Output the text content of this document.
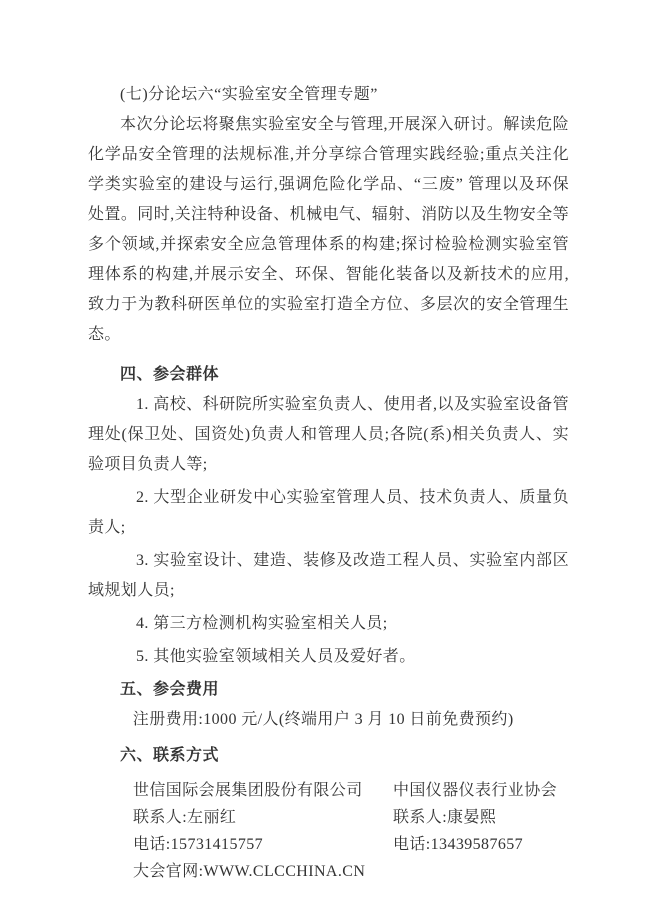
(七)分论坛六“实验室安全管理专题”

本次分论坛将聚焦实验室安全与管理,开展深入研讨。解读危险化学品安全管理的法规标准,并分享综合管理实践经验;重点关注化学类实验室的建设与运行,强调危险化学品、“三废” 管理以及环保处置。同时,关注特种设备、机械电气、辐射、消防以及生物安全等多个领域,并探索安全应急管理体系的构建;探讨检验检测实验室管理体系的构建,并展示安全、环保、智能化装备以及新技术的应用,致力于为教科研医单位的实验室打造全方位、多层次的安全管理生态。

四、参会群体

1. 高校、科研院所实验室负责人、使用者,以及实验室设备管理处(保卫处、国资处)负责人和管理人员;各院(系)相关负责人、实验项目负责人等;

2. 大型企业研发中心实验室管理人员、技术负责人、质量负责人;

3. 实验室设计、建造、装修及改造工程人员、实验室内部区域规划人员;

4. 第三方检测机构实验室相关人员;

5. 其他实验室领域相关人员及爱好者。

五、参会费用

注册费用:1000 元/人(终端用户 3 月 10 日前免费预约)

六、联系方式

世信国际会展集团股份有限公司

联系人:左丽红

电话:15731415757

大会官网:WWW.CLCCHINA.CN

中国仪器仪表行业协会

联系人:康晏熙

电话:13439587657
